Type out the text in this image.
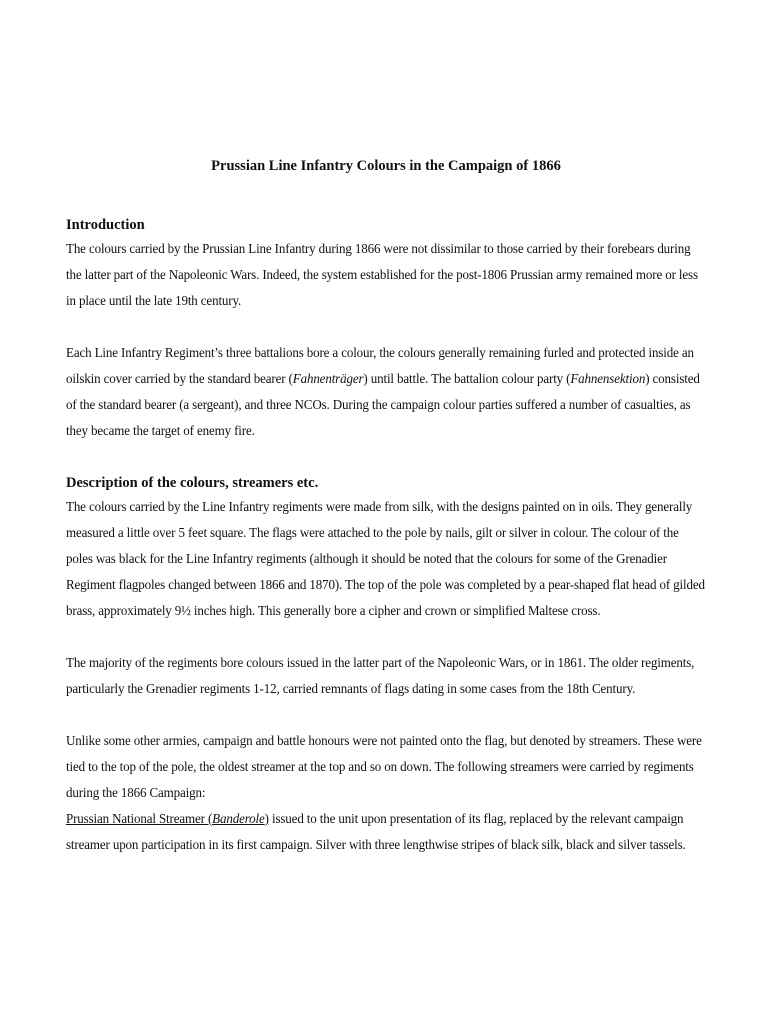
Prussian Line Infantry Colours in the Campaign of 1866
Introduction
The colours carried by the Prussian Line Infantry during 1866 were not dissimilar to those carried by their forebears during the latter part of the Napoleonic Wars. Indeed, the system established for the post-1806 Prussian army remained more or less in place until the late 19th century.
Each Line Infantry Regiment’s three battalions bore a colour, the colours generally remaining furled and protected inside an oilskin cover carried by the standard bearer (Fahnenträger) until battle. The battalion colour party (Fahnensektion) consisted of the standard bearer (a sergeant), and three NCOs. During the campaign colour parties suffered a number of casualties, as they became the target of enemy fire.
Description of the colours, streamers etc.
The colours carried by the Line Infantry regiments were made from silk, with the designs painted on in oils. They generally measured a little over 5 feet square. The flags were attached to the pole by nails, gilt or silver in colour. The colour of the poles was black for the Line Infantry regiments (although it should be noted that the colours for some of the Grenadier Regiment flagpoles changed between 1866 and 1870). The top of the pole was completed by a pear-shaped flat head of gilded brass, approximately 9½ inches high. This generally bore a cipher and crown or simplified Maltese cross.
The majority of the regiments bore colours issued in the latter part of the Napoleonic Wars, or in 1861. The older regiments, particularly the Grenadier regiments 1-12, carried remnants of flags dating in some cases from the 18th Century.
Unlike some other armies, campaign and battle honours were not painted onto the flag, but denoted by streamers. These were tied to the top of the pole, the oldest streamer at the top and so on down. The following streamers were carried by regiments during the 1866 Campaign:
Prussian National Streamer (Banderole) issued to the unit upon presentation of its flag, replaced by the relevant campaign streamer upon participation in its first campaign. Silver with three lengthwise stripes of black silk, black and silver tassels.
